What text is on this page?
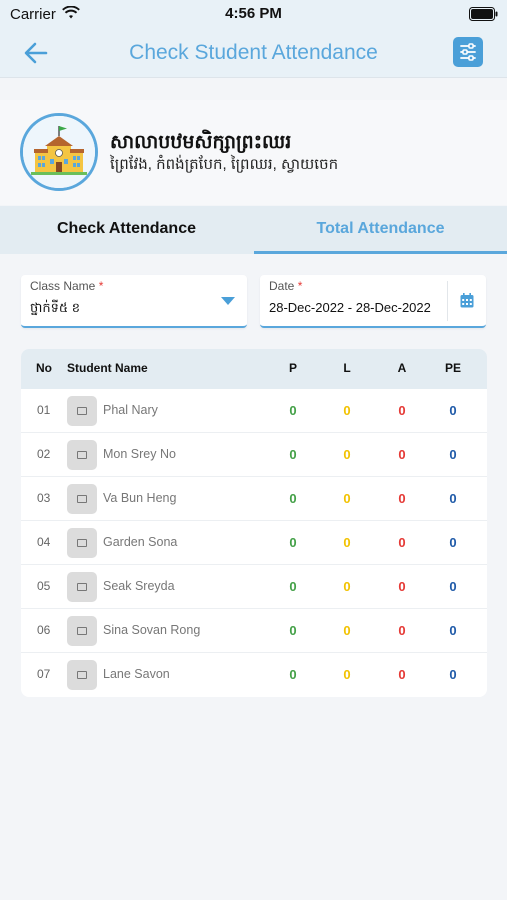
Carrier	4:56 PM
Check Student Attendance
សាលាបឋមសិក្សាព្រះឈរ
ព្រៃវែង, កំពង់ត្របែក, ព្រៃឈរ, ស្វាយចេក
Check Attendance	Total Attendance
Class Name *
ថ្នាក់ទី៥ ខ
Date *
28-Dec-2022 - 28-Dec-2022
No Student Name	P	L	A	PE
01	Phal Nary	0	0	0	0
02	Mon Srey No	0	0	0	0
03	Va Bun Heng	0	0	0	0
04	Garden Sona	0	0	0	0
05	Seak Sreyda	0	0	0	0
06	Sina Sovan Rong	0	0	0	0
07	Lane Savon	0	0	0	0
